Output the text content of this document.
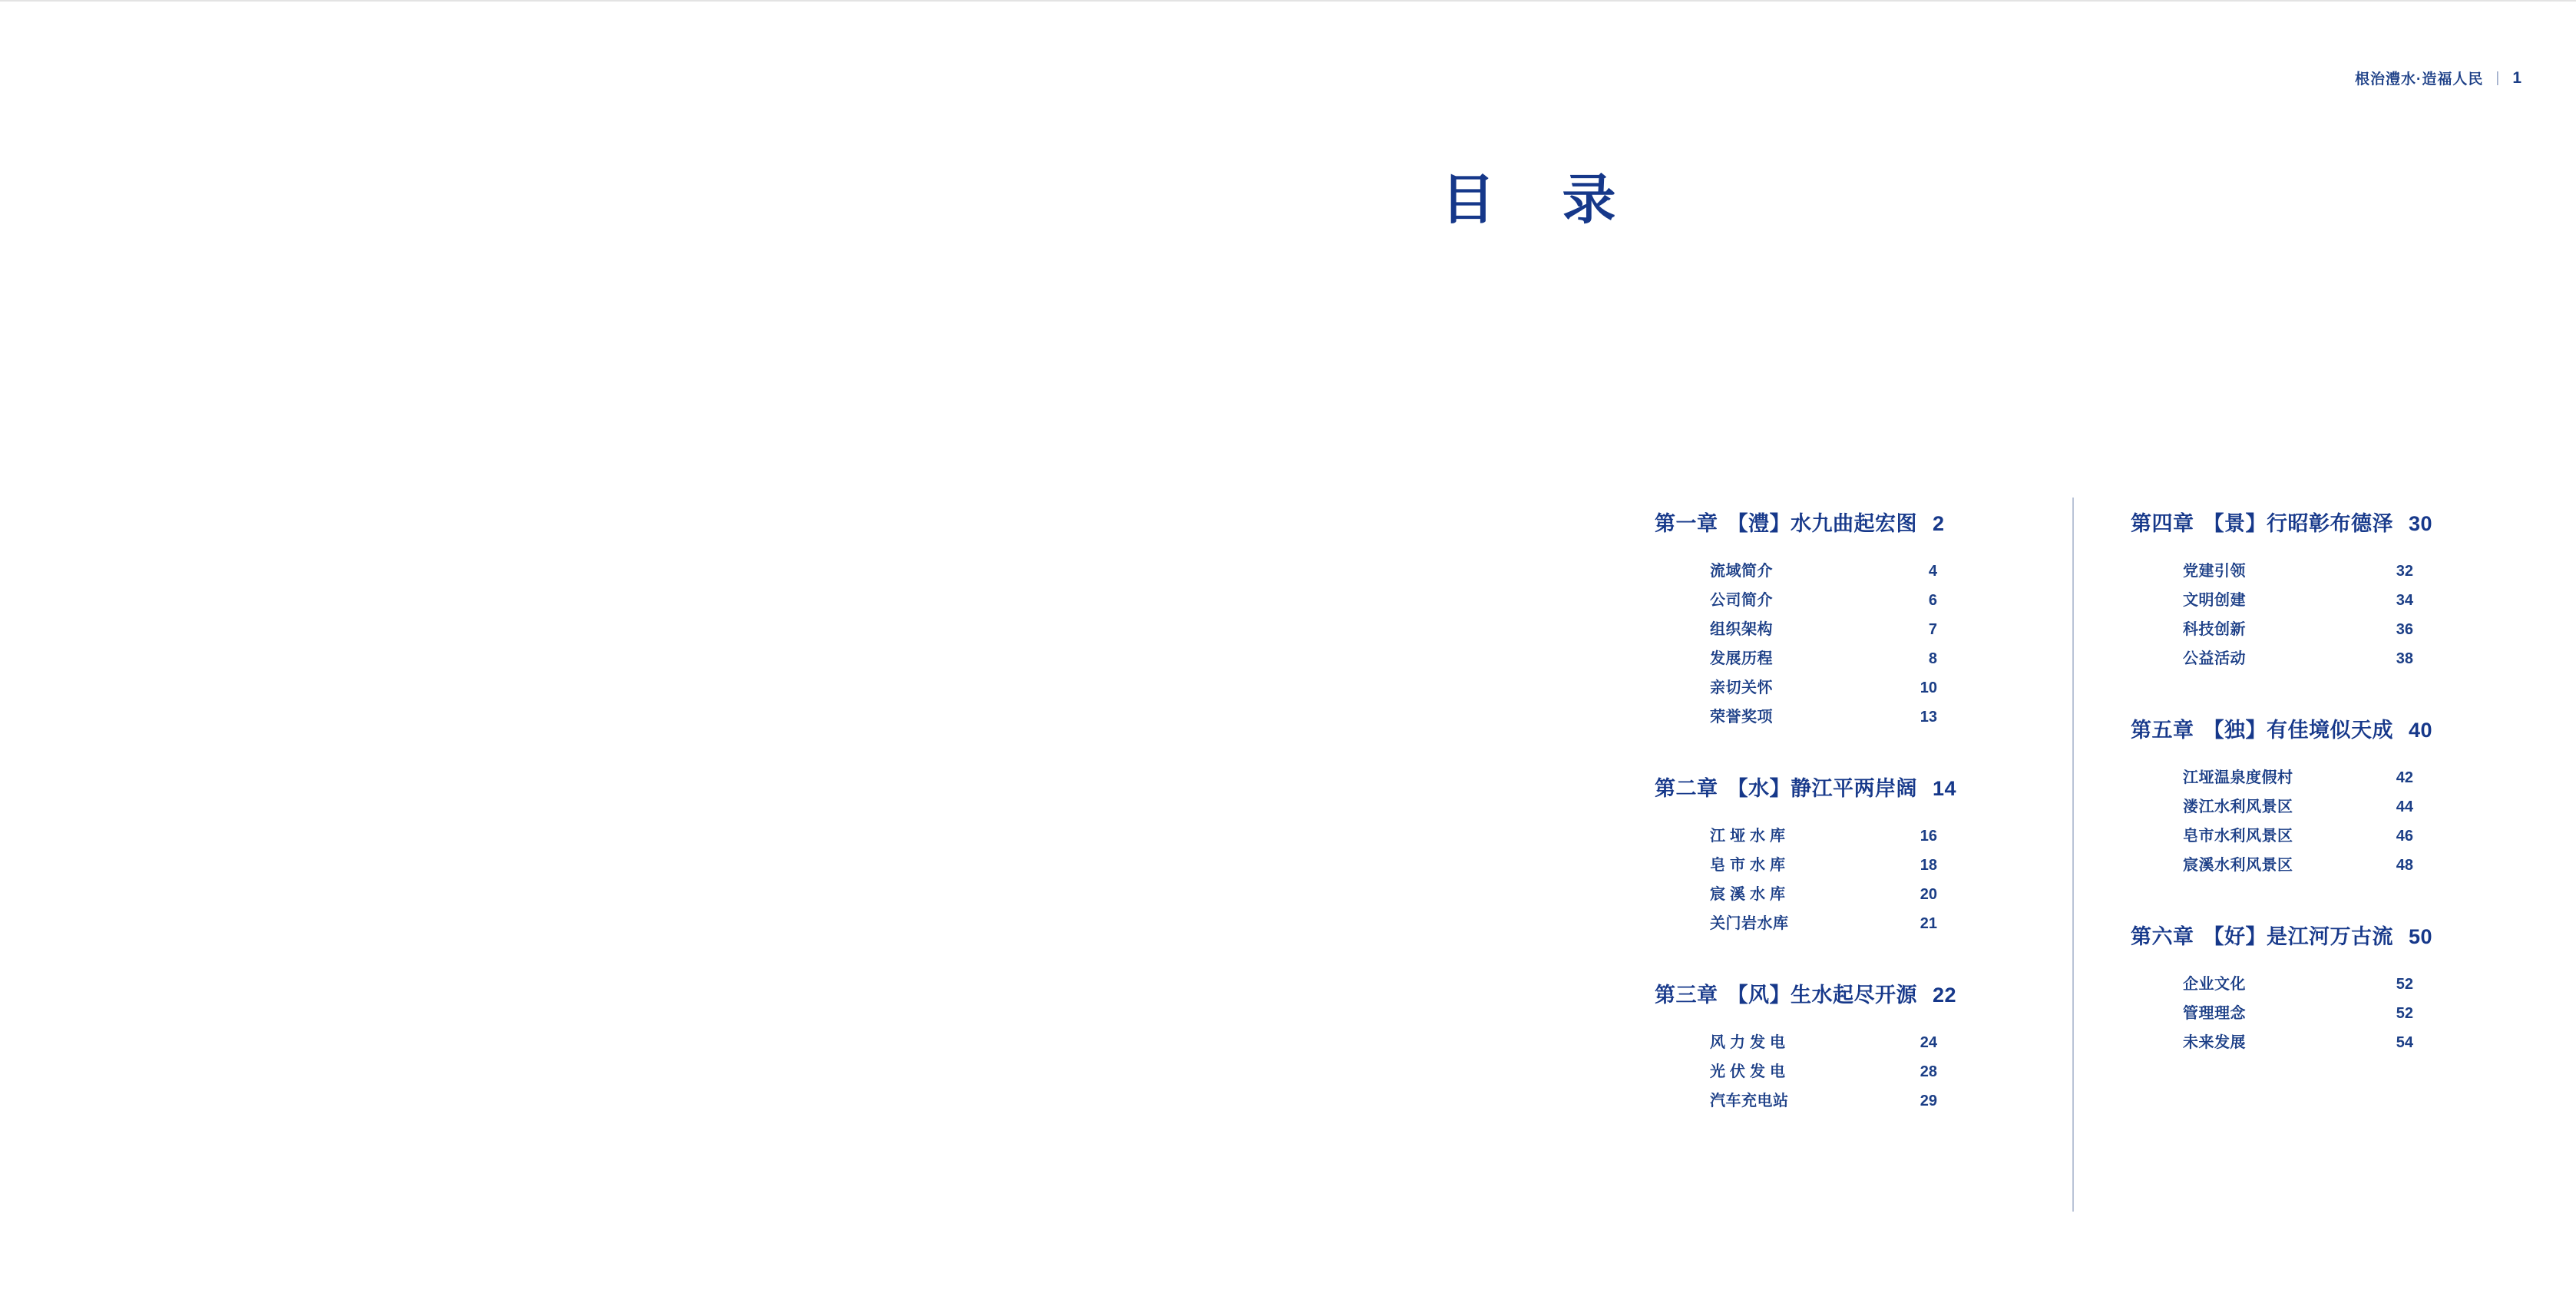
根治澧水·造福人民 | 1
目 录
第一章 【澧】水九曲起宏图 2
流域简介	4
公司简介	6
组织架构	7
发展历程	8
亲切关怀	10
荣誉奖项	13
第二章 【水】静江平两岸阔 14
江垭水库	16
皂市水库	18
宸溪水库	20
关门岩水库	21
第三章 【风】生水起尽开源 22
风力发电	24
光伏发电	28
汽车充电站	29
第四章 【景】行昭彰布德泽 30
党建引领	32
文明创建	34
科技创新	36
公益活动	38
第五章 【独】有佳境似天成 40
江垭温泉度假村	42
溇江水利风景区	44
皂市水利风景区	46
宸溪水利风景区	48
第六章 【好】是江河万古流 50
企业文化	52
管理理念	52
未来发展	54
